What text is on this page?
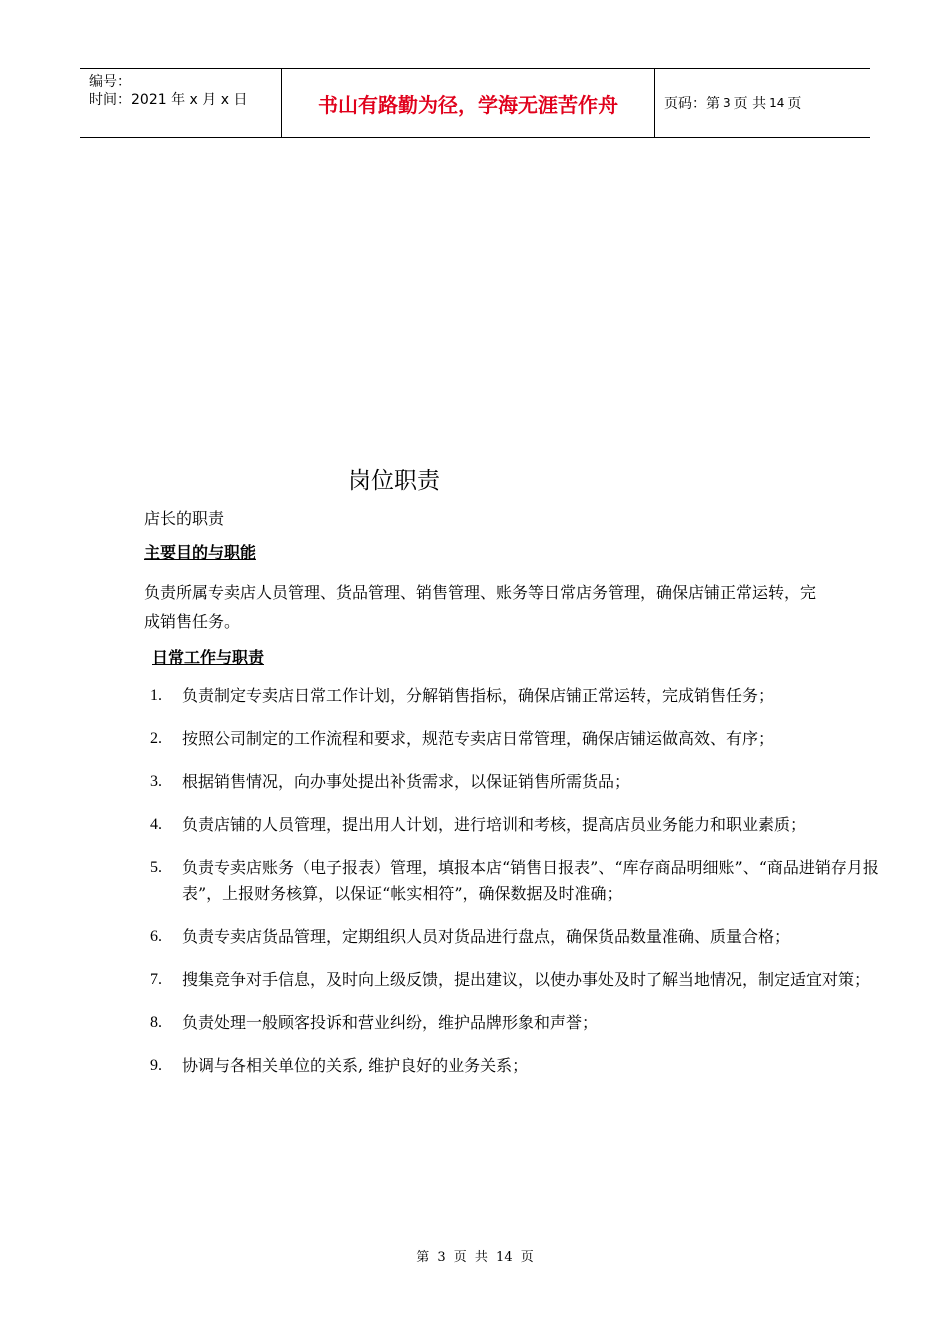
编号：
时间：2021 年 x 月 x 日	书山有路勤为径，学海无涯苦作舟	页码：第 3 页 共 14 页
岗位职责
店长的职责
主要目的与职能
负责所属专卖店人员管理、货品管理、销售管理、账务等日常店务管理，确保店铺正常运转，完成销售任务。
日常工作与职责
1.	负责制定专卖店日常工作计划，分解销售指标，确保店铺正常运转，完成销售任务；
2.	按照公司制定的工作流程和要求，规范专卖店日常管理，确保店铺运做高效、有序；
3.	根据销售情况，向办事处提出补货需求，以保证销售所需货品；
4.	负责店铺的人员管理，提出用人计划，进行培训和考核，提高店员业务能力和职业素质；
5.	负责专卖店账务（电子报表）管理，填报本店“销售日报表”、“库存商品明细账”、“商品进销存月报表”，上报财务核算，以保证“帐实相符”，确保数据及时准确；
6.	负责专卖店货品管理，定期组织人员对货品进行盘点，确保货品数量准确、质量合格；
7.	搜集竞争对手信息，及时向上级反馈，提出建议，以使办事处及时了解当地情况，制定适宜对策；
8.	负责处理一般顾客投诉和营业纠纷，维护品牌形象和声誉；
9.	协调与各相关单位的关系, 维护良好的业务关系；
第 3 页 共 14 页
